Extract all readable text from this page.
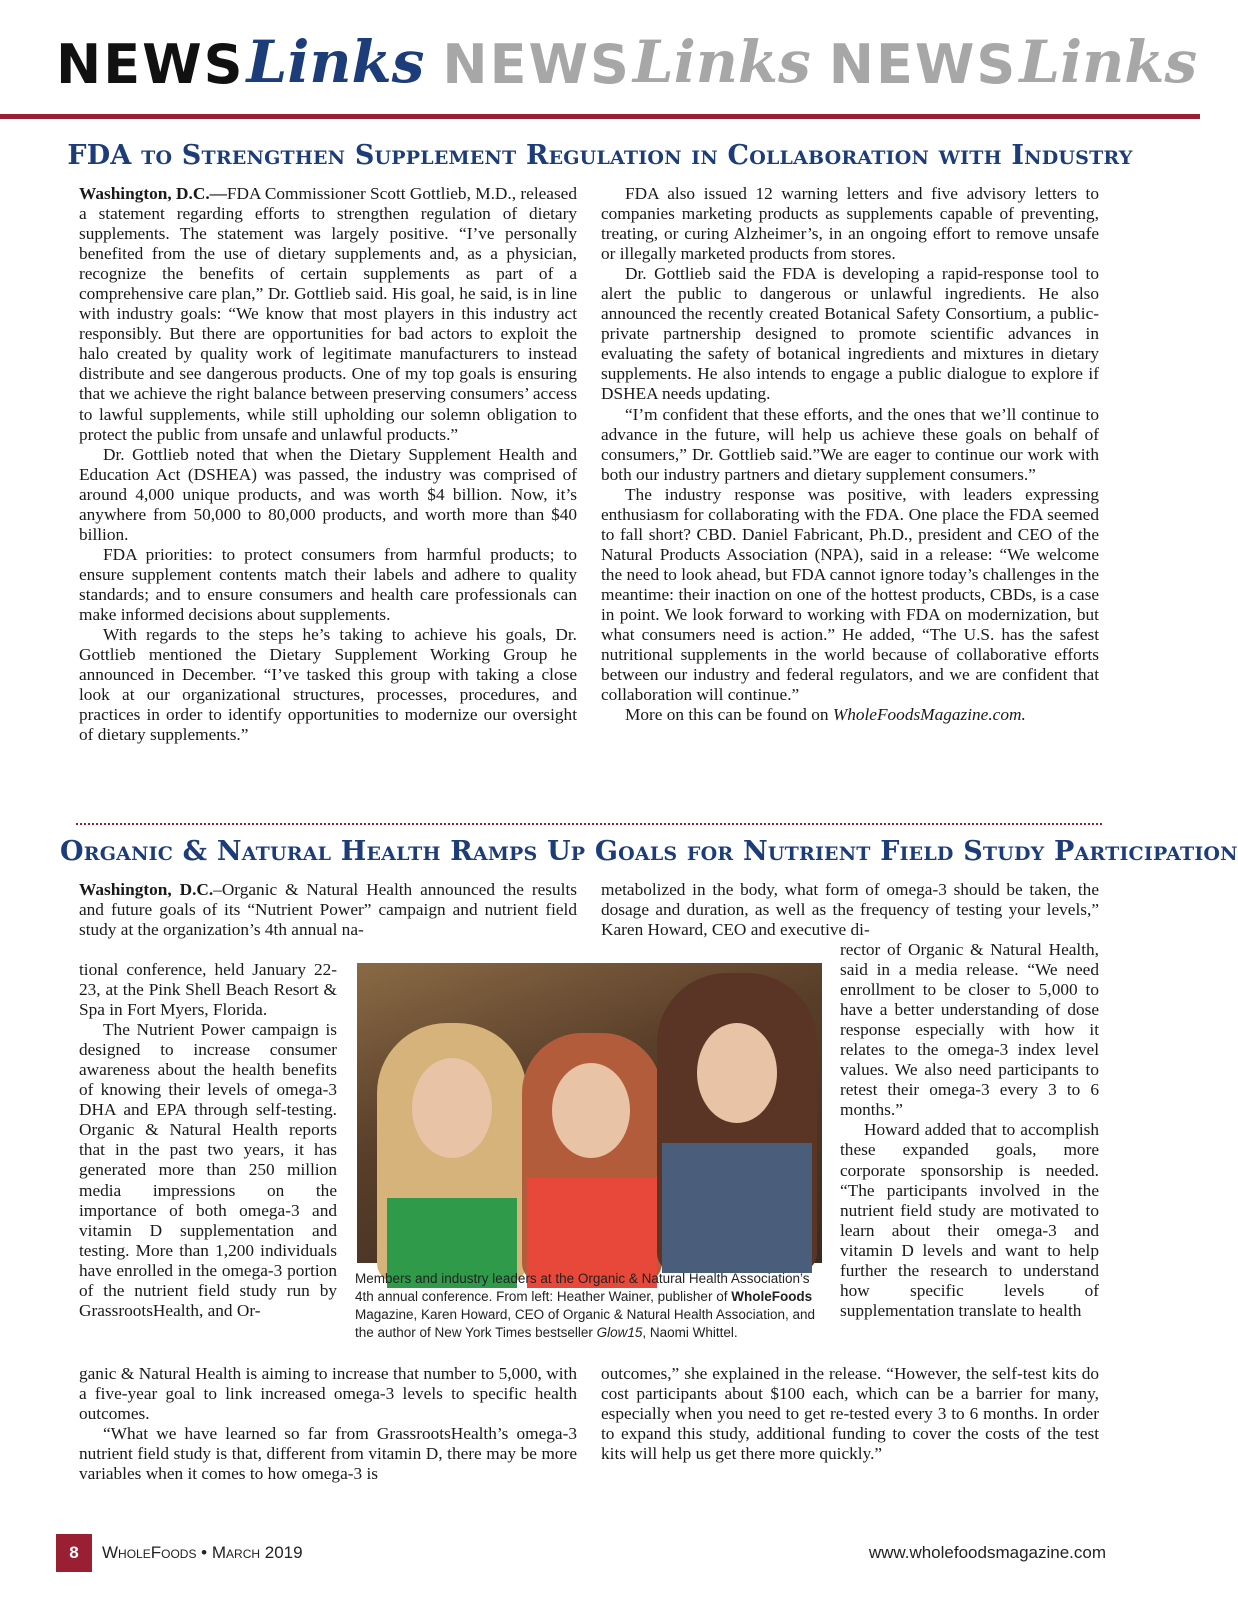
NEWSLinks NEWSLinks NEWSLinks
FDA to Strengthen Supplement Regulation in Collaboration with Industry

Washington, D.C.—FDA Commissioner Scott Gottlieb, M.D., released a statement regarding efforts to strengthen regulation of dietary supplements. The statement was largely positive. “I’ve personally benefited from the use of dietary supplements and, as a physician, recognize the benefits of certain supplements as part of a comprehensive care plan,” Dr. Gottlieb said. His goal, he said, is in line with industry goals: “We know that most players in this industry act responsibly. But there are opportunities for bad actors to exploit the halo created by quality work of legitimate manufacturers to instead distribute and see dangerous products. One of my top goals is ensuring that we achieve the right balance between preserving consumers’ access to lawful supplements, while still upholding our solemn obligation to protect the public from unsafe and unlawful products.”

Dr. Gottlieb noted that when the Dietary Supplement Health and Education Act (DSHEA) was passed, the industry was comprised of around 4,000 unique products, and was worth $4 billion. Now, it’s anywhere from 50,000 to 80,000 products, and worth more than $40 billion.

FDA priorities: to protect consumers from harmful products; to ensure supplement contents match their labels and adhere to quality standards; and to ensure consumers and health care professionals can make informed decisions about supplements.

With regards to the steps he’s taking to achieve his goals, Dr. Gottlieb mentioned the Dietary Supplement Working Group he announced in December. “I’ve tasked this group with taking a close look at our organizational structures, processes, procedures, and practices in order to identify opportunities to modernize our oversight of dietary supplements.”

FDA also issued 12 warning letters and five advisory letters to companies marketing products as supplements capable of preventing, treating, or curing Alzheimer’s, in an ongoing effort to remove unsafe or illegally marketed products from stores.

Dr. Gottlieb said the FDA is developing a rapid-response tool to alert the public to dangerous or unlawful ingredients. He also announced the recently created Botanical Safety Consortium, a public-private partnership designed to promote scientific advances in evaluating the safety of botanical ingredients and mixtures in dietary supplements. He also intends to engage a public dialogue to explore if DSHEA needs updating.

“I’m confident that these efforts, and the ones that we’ll continue to advance in the future, will help us achieve these goals on behalf of consumers,” Dr. Gottlieb said.”We are eager to continue our work with both our industry partners and dietary supplement consumers.”

The industry response was positive, with leaders expressing enthusiasm for collaborating with the FDA. One place the FDA seemed to fall short? CBD. Daniel Fabricant, Ph.D., president and CEO of the Natural Products Association (NPA), said in a release: “We welcome the need to look ahead, but FDA cannot ignore today’s challenges in the meantime: their inaction on one of the hottest products, CBDs, is a case in point. We look forward to working with FDA on modernization, but what consumers need is action.” He added, “The U.S. has the safest nutritional supplements in the world because of collaborative efforts between our industry and federal regulators, and we are confident that collaboration will continue.”

More on this can be found on WholeFoodsMagazine.com.

Organic & Natural Health Ramps Up Goals for Nutrient Field Study Participation

Washington, D.C.–Organic & Natural Health announced the results and future goals of its “Nutrient Power” campaign and nutrient field study at the organization’s 4th annual na-

tional conference, held January 22-23, at the Pink Shell Beach Resort & Spa in Fort Myers, Florida.

The Nutrient Power campaign is designed to increase consumer awareness about the health benefits of knowing their levels of omega-3 DHA and EPA through self-testing. Organic & Natural Health reports that in the past two years, it has generated more than 250 million media impressions on the importance of both omega-3 and vitamin D supplementation and testing. More than 1,200 individuals have enrolled in the omega-3 portion of the nutrient field study run by GrassrootsHealth, and Or-

ganic & Natural Health is aiming to increase that number to 5,000, with a five-year goal to link increased omega-3 levels to specific health outcomes.

“What we have learned so far from GrassrootsHealth’s omega-3 nutrient field study is that, different from vitamin D, there may be more variables when it comes to how omega-3 is

metabolized in the body, what form of omega-3 should be taken, the dosage and duration, as well as the frequency of testing your levels,” Karen Howard, CEO and executive di-

rector of Organic & Natural Health, said in a media release. “We need enrollment to be closer to 5,000 to have a better understanding of dose response especially with how it relates to the omega-3 index level values. We also need participants to retest their omega-3 every 3 to 6 months.”

Howard added that to accomplish these expanded goals, more corporate sponsorship is needed. “The participants involved in the nutrient field study are motivated to learn about their omega-3 and vitamin D levels and want to help further the research to understand how specific levels of supplementation translate to health

outcomes,” she explained in the release. “However, the self-test kits do cost participants about $100 each, which can be a barrier for many, especially when you need to get re-tested every 3 to 6 months. In order to expand this study, additional funding to cover the costs of the test kits will help us get there more quickly.”

Members and industry leaders at the Organic & Natural Health Association’s 4th annual conference. From left: Heather Wainer, publisher of WholeFoods Magazine, Karen Howard, CEO of Organic & Natural Health Association, and the author of New York Times bestseller Glow15, Naomi Whittel.
8	WholeFoods • March 2019	www.wholefoodsmagazine.com
